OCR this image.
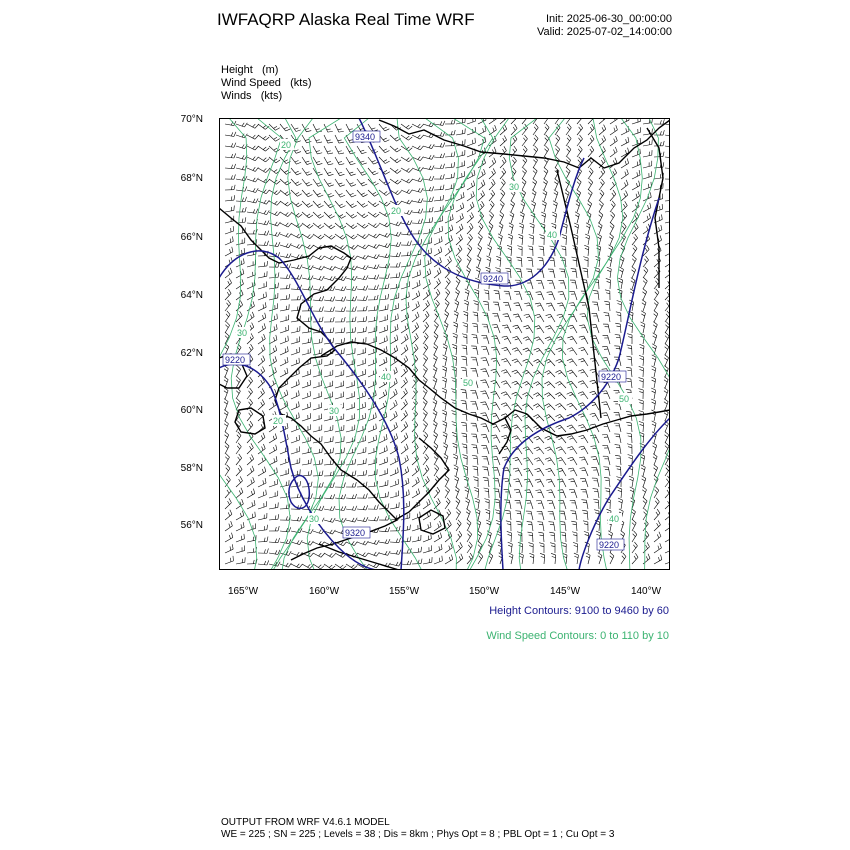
IWFAQRP Alaska Real Time WRF	Init: 2025-06-30_00:00:00
Valid: 2025-07-02_14:00:00
Height (m)
Wind Speed (kts)
Winds (kts)
9340
9240
9220
9220
9320
9220
20
20
30
40
30
50
40
30
50
20
30	40
70°N
68°N
66°N
64°N
62°N
60°N
58°N
56°N
165°W	160°W	155°W	150°W	145°W	140°W
Height Contours: 9100 to 9460 by 60
Wind Speed Contours: 0 to 110 by 10
OUTPUT FROM WRF V4.6.1 MODEL
WE = 225 ; SN = 225 ; Levels = 38 ; Dis = 8km ; Phys Opt = 8 ; PBL Opt = 1 ; Cu Opt = 3
